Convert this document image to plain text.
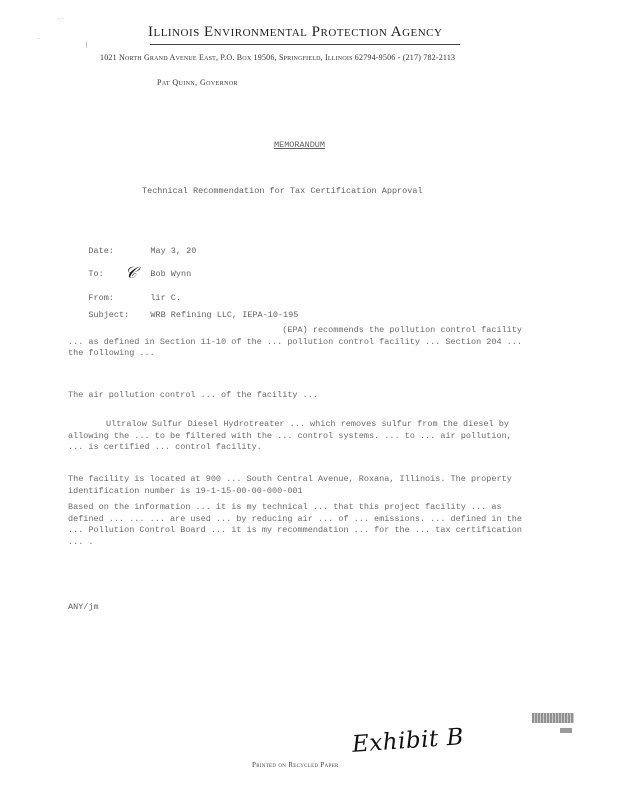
· ·
·
|
Illinois Environmental Protection Agency
1021 North Grand Avenue East, P.O. Box 19506, Springfield, Illinois 62794-9506 - (217) 782-2113
Pat Quinn, Governor
MEMORANDUM
Technical Recommendation for Tax Certification Approval

Date:	May 3, 20

To:	Bob Wynn

𝒞

From:	lir C.

Subject: WRB Refining LLC, IEPA-10-195

(EPA) recommends the pollution control facility ... as defined in Section 11-10 of the ... pollution control facility ... Section 204 ... the following ...
The air pollution control ... of the facility ...
Ultralow Sulfur Diesel Hydrotreater ... which removes sulfur from the diesel by allowing the ... to be filtered with the ... control systems. ... to ... air pollution, ... is certified ... control facility.
The facility is located at 900 ... South Central Avenue, Roxana, Illinois. The property identification number is 19-1-15-00-00-000-001
Based on the information ... it is my technical ... that this project facility ... as defined ... ... ... are used ... by reducing air ... of ... emissions. ... defined in the ... Pollution Control Board ... it is my recommendation ... for the ... tax certification ... .
ANY/jm
Exhibit B
Printed on Recycled Paper
